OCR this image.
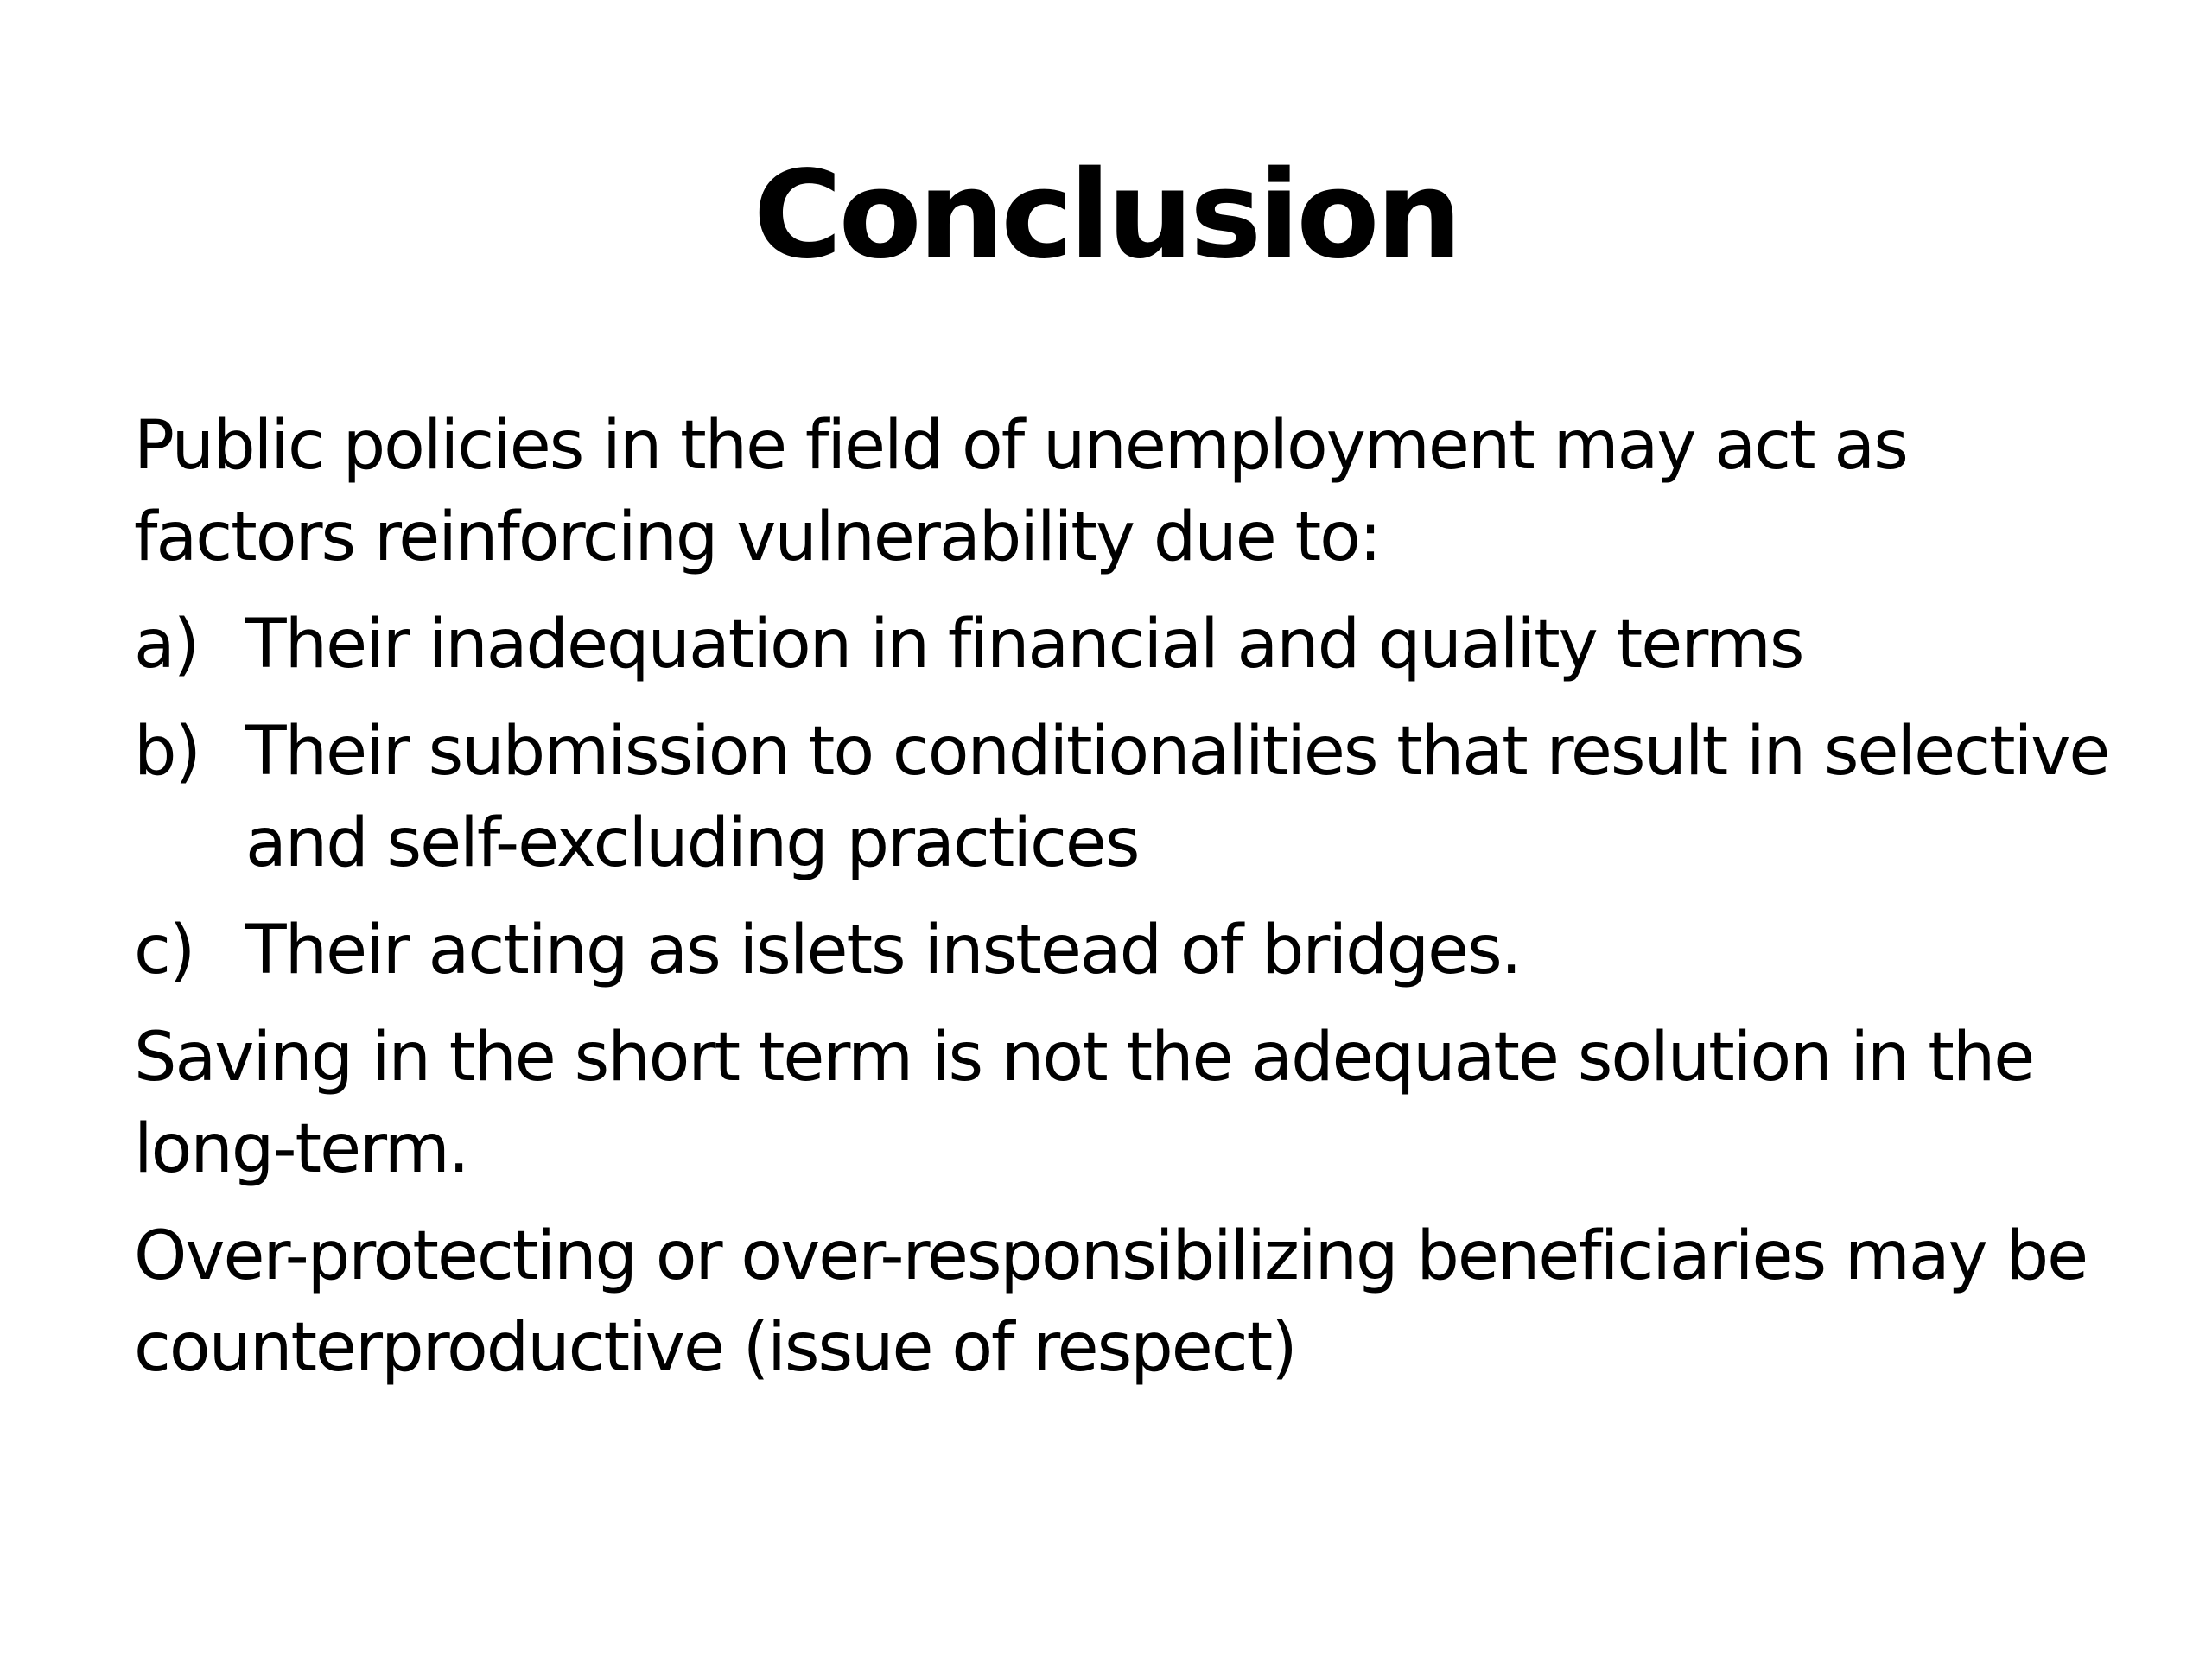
Conclusion
Public policies in the field of unemployment may act as factors reinforcing vulnerability due to:
a) Their inadequation in financial and quality terms
b) Their submission to conditionalities that result in selective and self-excluding practices
c) Their acting as islets instead of bridges.
Saving in the short term is not the adequate solution in the long-term.
Over-protecting or over-responsibilizing beneficiaries may be counterproductive (issue of respect)
